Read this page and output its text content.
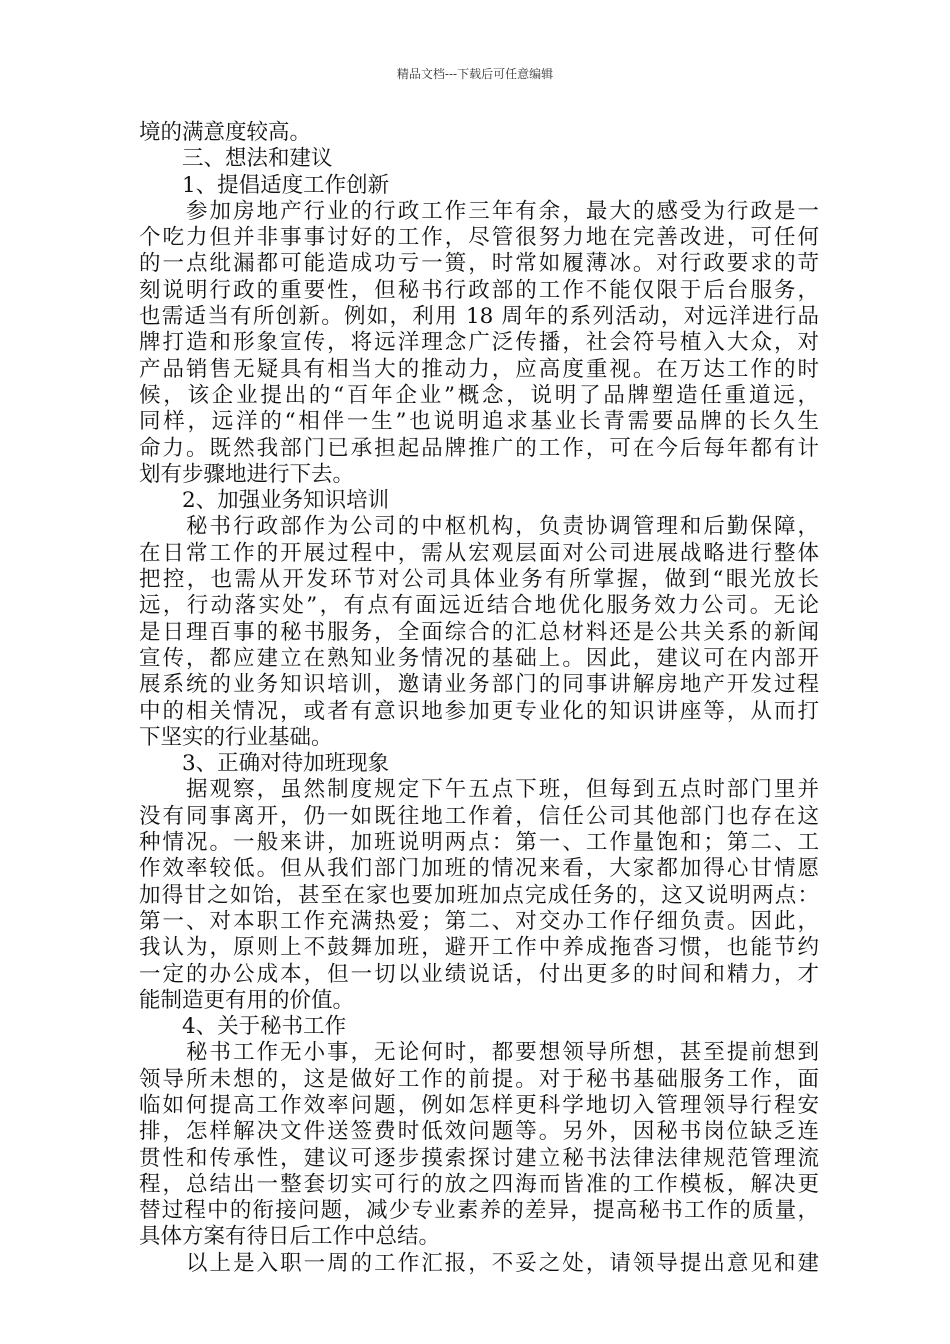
精品文档---下载后可任意编辑
境的满意度较高。
　　三、想法和建议
　　1、提倡适度工作创新
　　参加房地产行业的行政工作三年有余，最大的感受为行政是一
个吃力但并非事事讨好的工作，尽管很努力地在完善改进，可任何
的一点纰漏都可能造成功亏一篑，时常如履薄冰。对行政要求的苛
刻说明行政的重要性，但秘书行政部的工作不能仅限于后台服务，
也需适当有所创新。例如，利用 18 周年的系列活动，对远洋进行品
牌打造和形象宣传，将远洋理念广泛传播，社会符号植入大众，对
产品销售无疑具有相当大的推动力，应高度重视。在万达工作的时
候，该企业提出的“百年企业”概念，说明了品牌塑造任重道远，
同样，远洋的“相伴一生”也说明追求基业长青需要品牌的长久生
命力。既然我部门已承担起品牌推广的工作，可在今后每年都有计
划有步骤地进行下去。
　　2、加强业务知识培训
　　秘书行政部作为公司的中枢机构，负责协调管理和后勤保障，
在日常工作的开展过程中，需从宏观层面对公司进展战略进行整体
把控，也需从开发环节对公司具体业务有所掌握，做到“眼光放长
远，行动落实处”，有点有面远近结合地优化服务效力公司。无论
是日理百事的秘书服务，全面综合的汇总材料还是公共关系的新闻
宣传，都应建立在熟知业务情况的基础上。因此，建议可在内部开
展系统的业务知识培训，邀请业务部门的同事讲解房地产开发过程
中的相关情况，或者有意识地参加更专业化的知识讲座等，从而打
下坚实的行业基础。
　　3、正确对待加班现象
　　据观察，虽然制度规定下午五点下班，但每到五点时部门里并
没有同事离开，仍一如既往地工作着，信任公司其他部门也存在这
种情况。一般来讲，加班说明两点：第一、工作量饱和；第二、工
作效率较低。但从我们部门加班的情况来看，大家都加得心甘情愿
加得甘之如饴，甚至在家也要加班加点完成任务的，这又说明两点：
第一、对本职工作充满热爱；第二、对交办工作仔细负责。因此，
我认为，原则上不鼓舞加班，避开工作中养成拖沓习惯，也能节约
一定的办公成本，但一切以业绩说话，付出更多的时间和精力，才
能制造更有用的价值。
　　4、关于秘书工作
　　秘书工作无小事，无论何时，都要想领导所想，甚至提前想到
领导所未想的，这是做好工作的前提。对于秘书基础服务工作，面
临如何提高工作效率问题，例如怎样更科学地切入管理领导行程安
排，怎样解决文件送签费时低效问题等。另外，因秘书岗位缺乏连
贯性和传承性，建议可逐步摸索探讨建立秘书法律法律规范管理流
程，总结出一整套切实可行的放之四海而皆准的工作模板，解决更
替过程中的衔接问题，减少专业素养的差异，提高秘书工作的质量，
具体方案有待日后工作中总结。
　　以上是入职一周的工作汇报，不妥之处，请领导提出意见和建
